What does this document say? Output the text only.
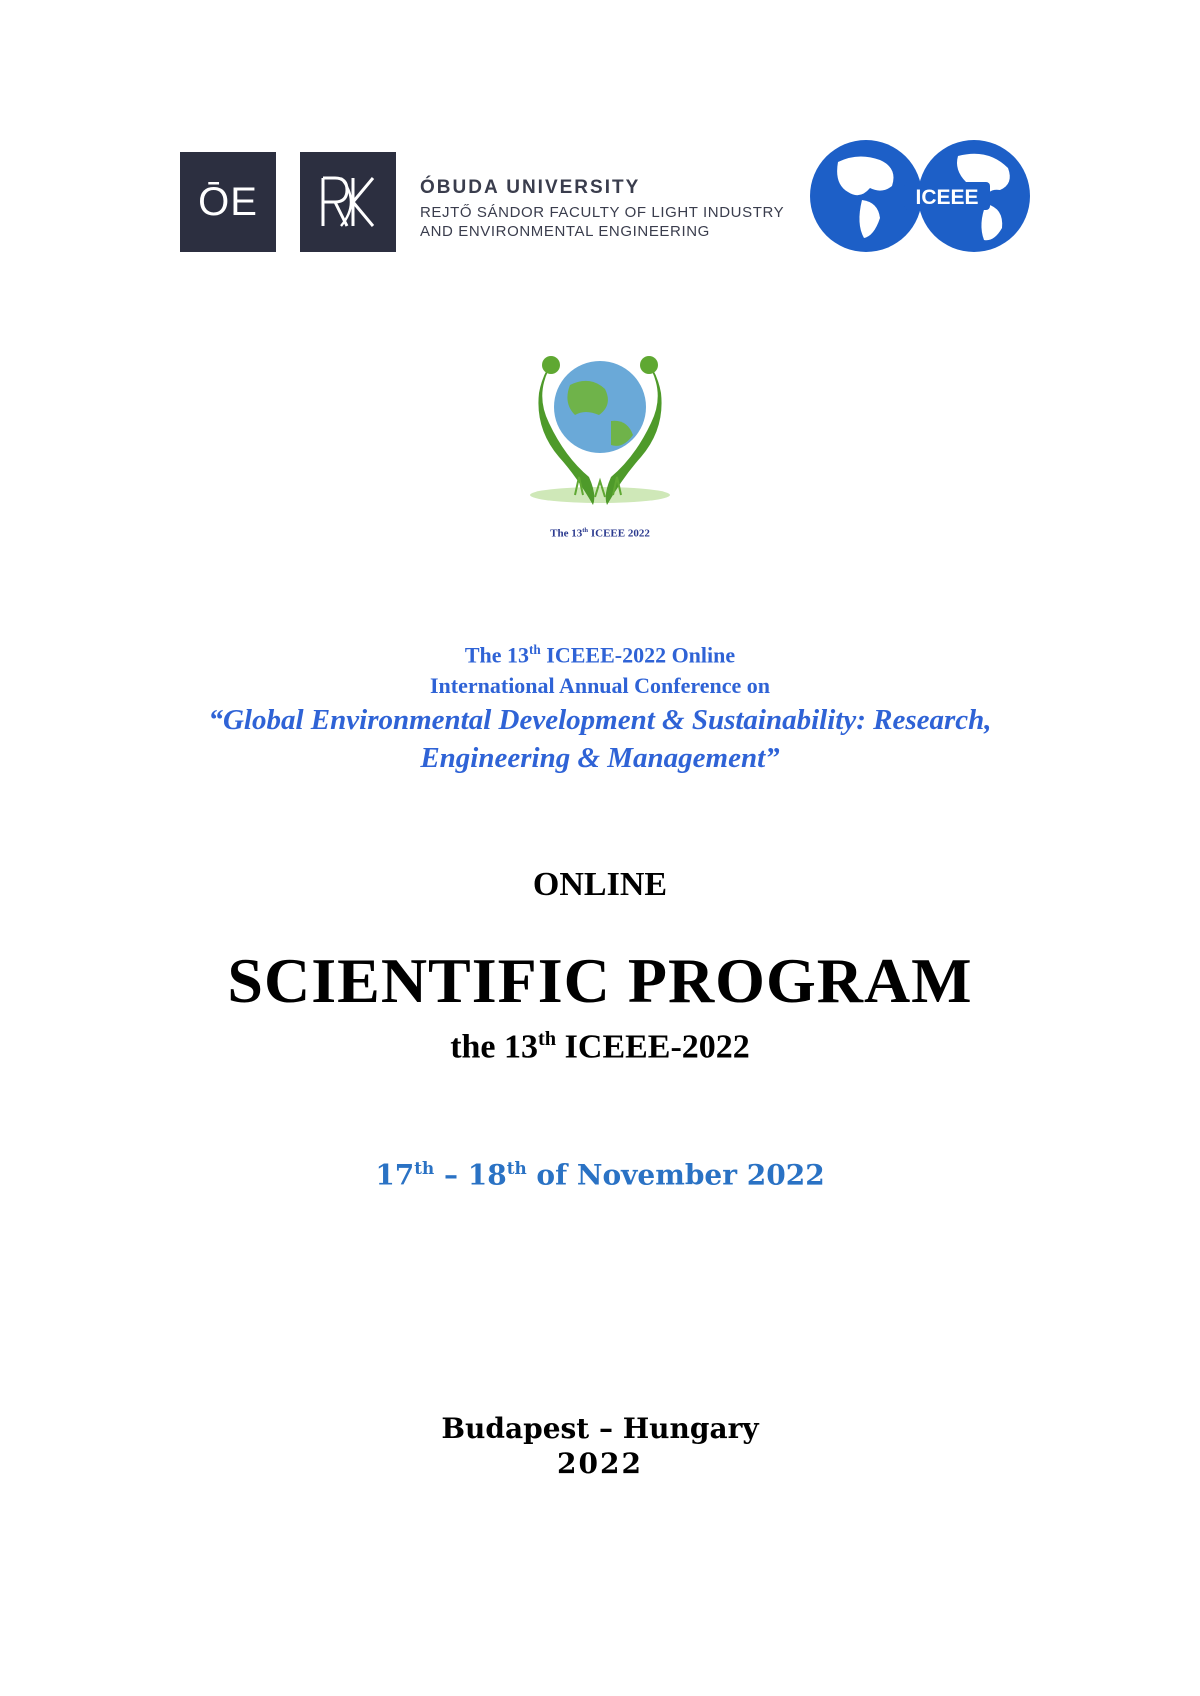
ŌE	ÓBUDA UNIVERSITY
REJTŐ SÁNDOR FACULTY OF LIGHT INDUSTRY
AND ENVIRONMENTAL ENGINEERING
ICEEE
The 13th ICEEE 2022
The 13th ICEEE-2022 Online
International Annual Conference on
“Global Environmental Development & Sustainability: Research,
Engineering & Management”
ONLINE
SCIENTIFIC PROGRAM
the 13th ICEEE-2022
17th – 18th of November 2022
Budapest – Hungary
2022
